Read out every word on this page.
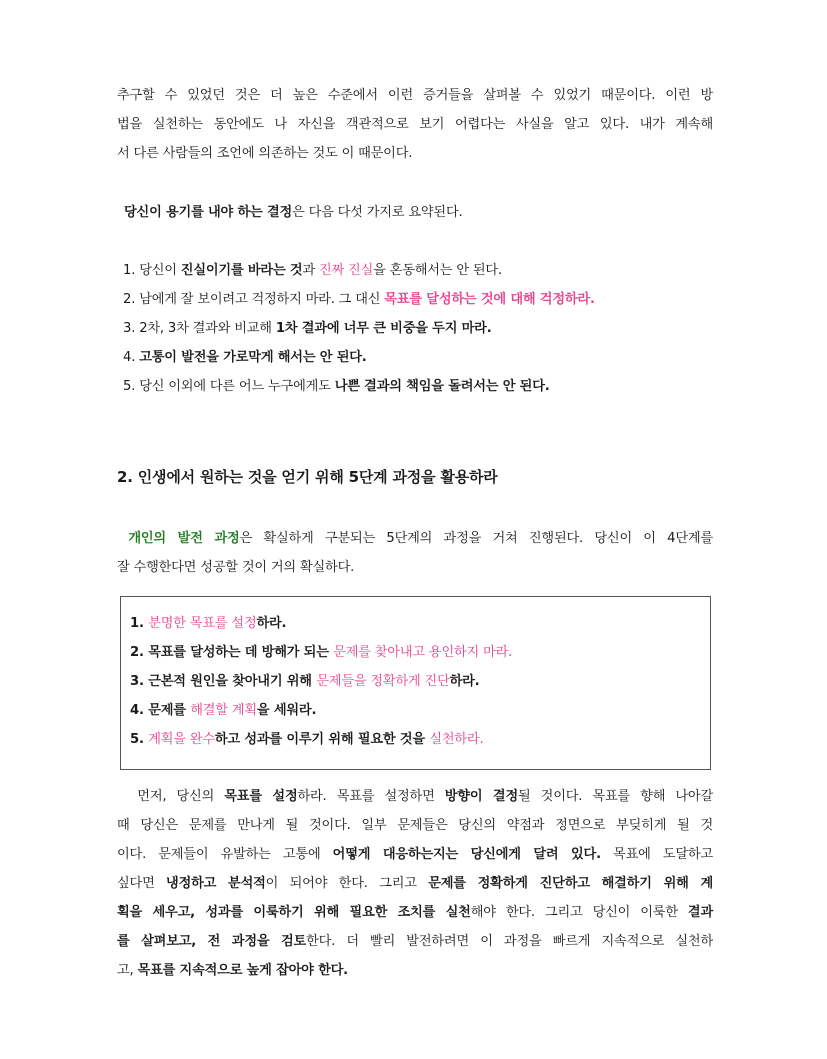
추구할 수 있었던 것은 더 높은 수준에서 이런 증거들을 살펴볼 수 있었기 때문이다. 이런 방
법을 실천하는 동안에도 나 자신을 객관적으로 보기 어렵다는 사실을 알고 있다. 내가 계속해
서 다른 사람들의 조언에 의존하는 것도 이 때문이다.
당신이 용기를 내야 하는 결정은 다음 다섯 가지로 요약된다.
1. 당신이 진실이기를 바라는 것과 진짜 진실을 혼동해서는 안 된다.
2. 남에게 잘 보이려고 걱정하지 마라. 그 대신 목표를 달성하는 것에 대해 걱정하라.
3. 2차, 3차 결과와 비교해 1차 결과에 너무 큰 비중을 두지 마라.
4. 고통이 발전을 가로막게 해서는 안 된다.
5. 당신 이외에 다른 어느 누구에게도 나쁜 결과의 책임을 돌려서는 안 된다.
2. 인생에서 원하는 것을 얻기 위해 5단계 과정을 활용하라
개인의 발전 과정은 확실하게 구분되는 5단계의 과정을 거쳐 진행된다. 당신이 이 4단계를
잘 수행한다면 성공할 것이 거의 확실하다.
1. 분명한 목표를 설정하라.
2. 목표를 달성하는 데 방해가 되는 문제를 찾아내고 용인하지 마라.
3. 근본적 원인을 찾아내기 위해 문제들을 정확하게 진단하라.
4. 문제를 해결할 계획을 세워라.
5. 계획을 완수하고 성과를 이루기 위해 필요한 것을 실천하라.
먼저, 당신의 목표를 설정하라. 목표를 설정하면 방향이 결정될 것이다. 목표를 향해 나아갈
때 당신은 문제를 만나게 될 것이다. 일부 문제들은 당신의 약점과 정면으로 부딪히게 될 것
이다. 문제들이 유발하는 고통에 어떻게 대응하는지는 당신에게 달려 있다. 목표에 도달하고
싶다면 냉정하고 분석적이 되어야 한다. 그리고 문제를 정확하게 진단하고 해결하기 위해 계
획을 세우고, 성과를 이룩하기 위해 필요한 조치를 실천해야 한다. 그리고 당신이 이룩한 결과
를 살펴보고, 전 과정을 검토한다. 더 빨리 발전하려면 이 과정을 빠르게 지속적으로 실천하
고, 목표를 지속적으로 높게 잡아야 한다.
